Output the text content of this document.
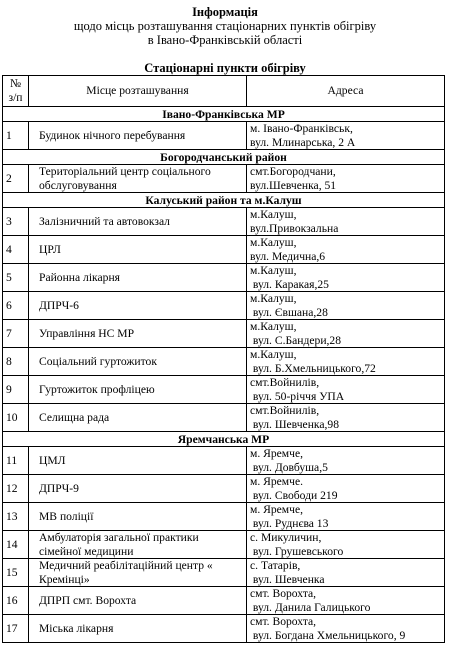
Інформація
щодо місць розташування стаціонарних пунктів обігріву
в Івано-Франківській області
Стаціонарні пункти обігріву
№
з/п	Місце розташування	Адреса
Івано-Франківська МР		
1	Будинок нічного перебування	м. Івано-Франківськ,
вул. Млинарська, 2 А

Богородчанський район		
2	Територіальний центр соціального обслуговування	смт.Богородчани,
вул.Шевченка, 51

Калуський район та м.Калуш		
3	Залізничний та автовокзал	м.Калуш,
вул.Привокзальна

4	ЦРЛ	м.Калуш,
вул. Медична,6

5	Районна лікарня	м.Калуш,
вул. Каракая,25

6	ДПРЧ-6	м.Калуш,
вул. Євшана,28

7	Управління НС МР	м.Калуш,
вул. С.Бандери,28

8	Соціальний гуртожиток	м.Калуш,
вул. Б.Хмельницького,72

9	Гуртожиток профліцею	смт.Войнилів,
вул. 50-річчя УПА

10	Селищна рада	смт.Войнилів,
вул. Шевченка,98

Яремчанська МР		
11	ЦМЛ	м. Яремче,
вул. Довбуша,5

12	ДПРЧ-9	м. Яремче.
вул. Свободи 219

13	МВ поліції	м. Яремче,
вул. Руднєва 13

14	Амбулаторія загальної практики сімейної медицини	с. Микуличин,
вул. Грушевського

15	Медичний реабілітаційний центр « Кремінці»	с. Татарів,
вул. Шевченка

16	ДПРП смт. Ворохта	смт. Ворохта,
вул. Данила Галицького

17	Міська лікарня	смт. Ворохта,
вул. Богдана Хмельницького, 9
